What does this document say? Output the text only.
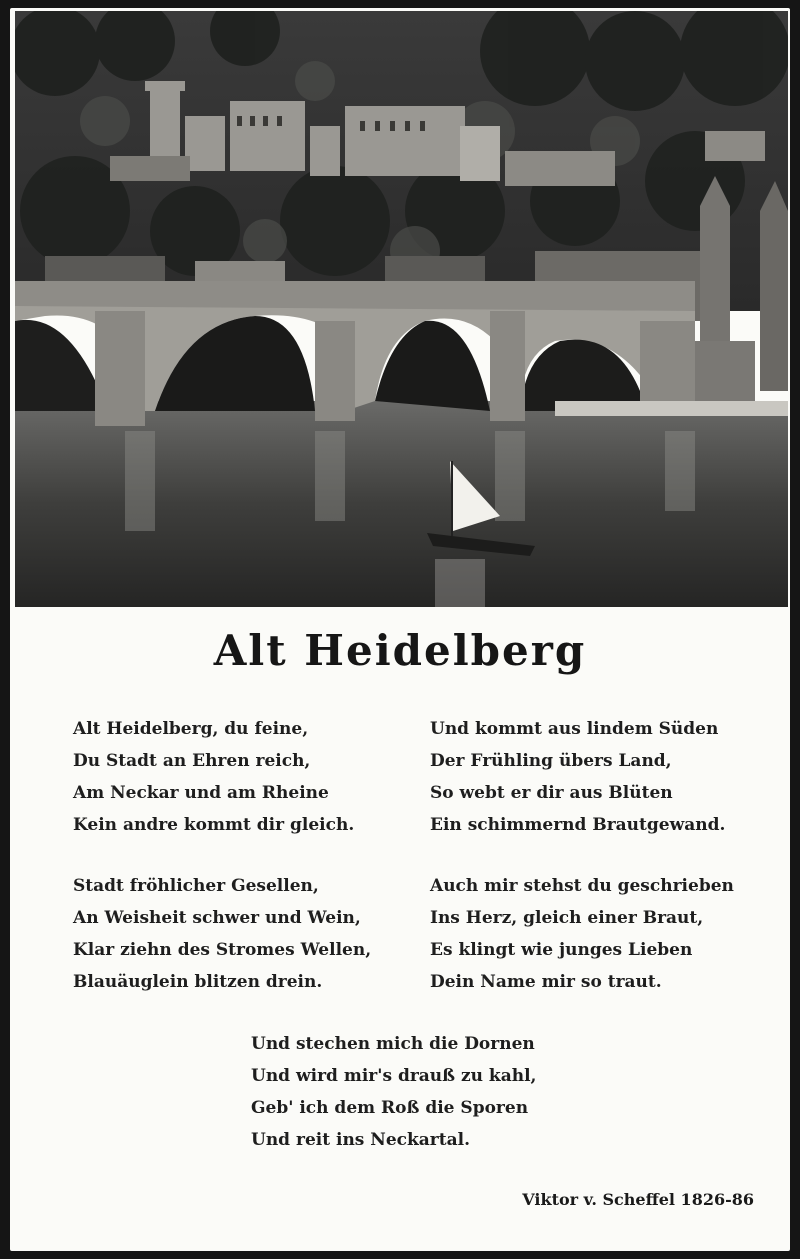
Alt Heidelberg
Alt Heidelberg, du feine,
Du Stadt an Ehren reich,
Am Neckar und am Rheine
Kein andre kommt dir gleich.
Und kommt aus lindem Süden
Der Frühling übers Land,
So webt er dir aus Blüten
Ein schimmernd Brautgewand.
Stadt fröhlicher Gesellen,
An Weisheit schwer und Wein,
Klar ziehn des Stromes Wellen,
Blauäuglein blitzen drein.
Auch mir stehst du geschrieben
Ins Herz, gleich einer Braut,
Es klingt wie junges Lieben
Dein Name mir so traut.
Und stechen mich die Dornen
Und wird mir's drauß zu kahl,
Geb' ich dem Roß die Sporen
Und reit ins Neckartal.
Viktor v. Scheffel 1826-86
